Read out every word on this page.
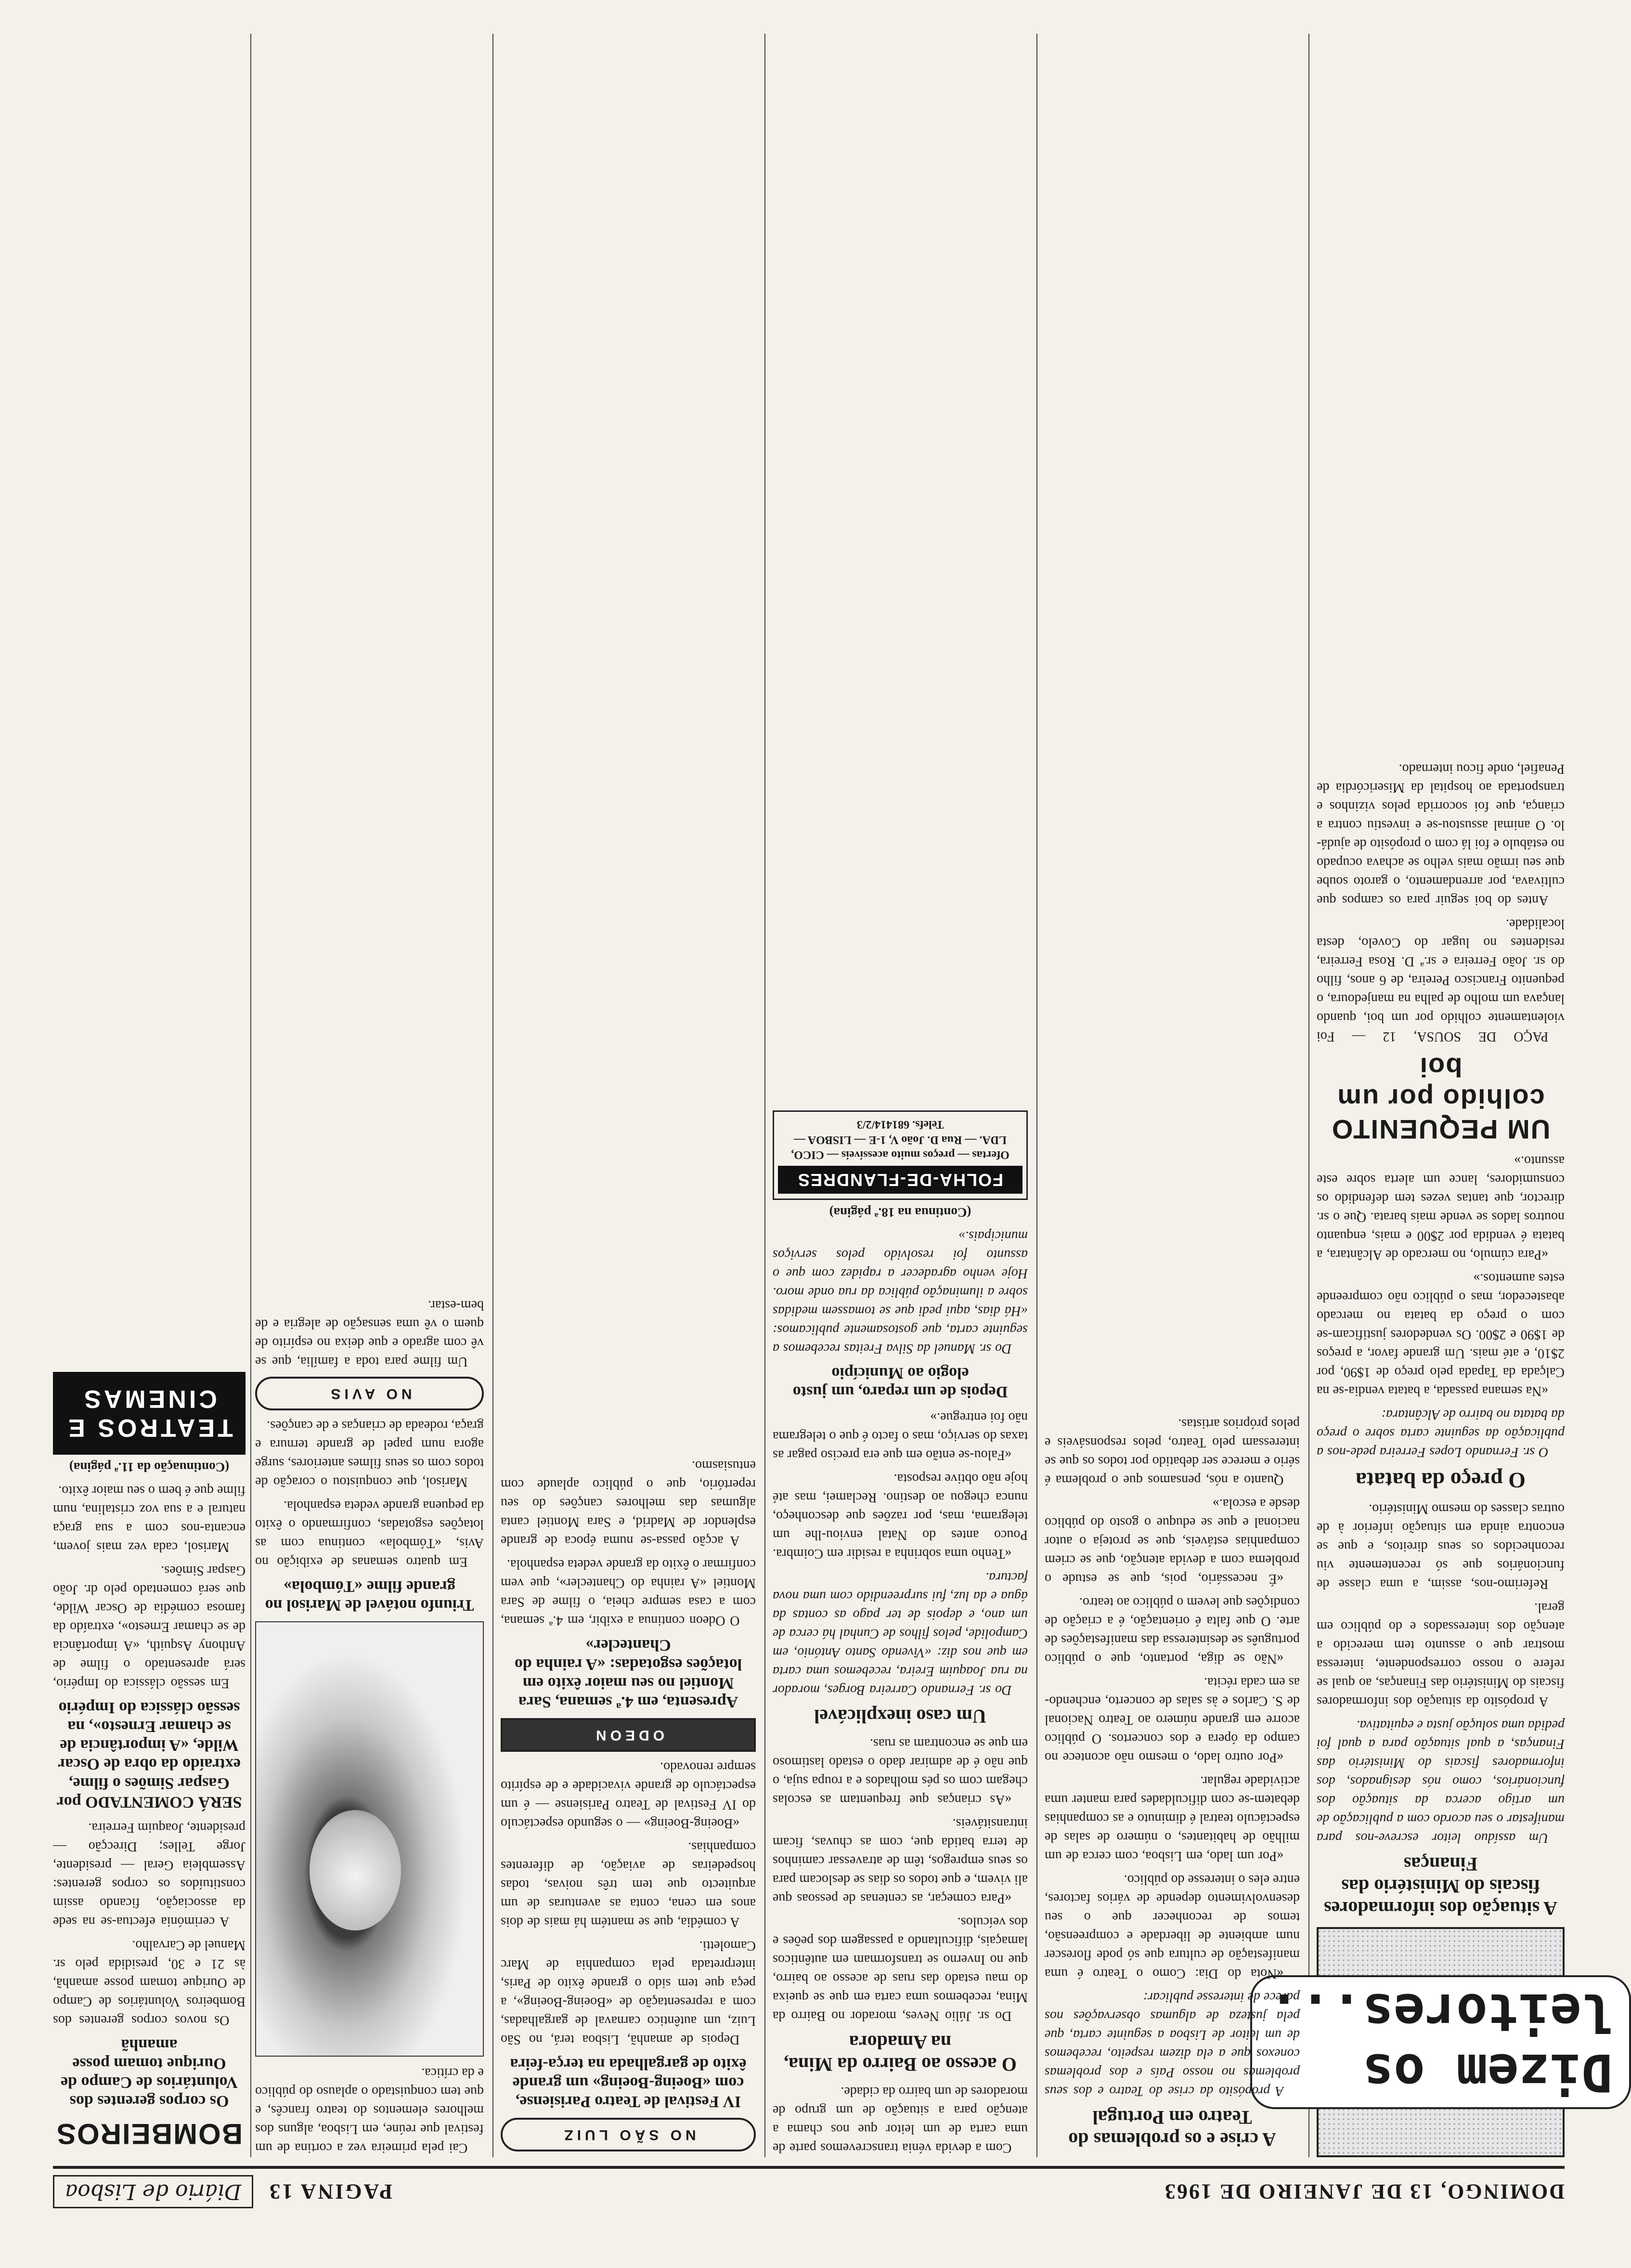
DOMINGO, 13 DE JANEIRO DE 1963
PAGINA 13
Diário de Lisboa
Dizem os leitores...
A situação dos informadores fiscais do Ministério das Finanças

Um assíduo leitor escreve-nos para manifestar o seu acordo com a publicação de um artigo acerca da situação dos funcionários, como nós designados, dos informadores fiscais do Ministério das Finanças, a qual situação para a qual foi pedida uma solução justa e equitativa.

A propósito da situação dos informadores fiscais do Ministério das Finanças, ao qual se refere o nosso correspondente, interessa mostrar que o assunto tem merecido a atenção dos interessados e do público em geral.

Referimo-nos, assim, a uma classe de funcionários que só recentemente viu reconhecidos os seus direitos, e que se encontra ainda em situação inferior à de outras classes do mesmo Ministério.

O preço da batata

O sr. Fernando Lopes Ferreira pede-nos a publicação da seguinte carta sobre o preço da batata no bairro de Alcântara:

«Na semana passada, a batata vendia-se na Calçada da Tapada pelo preço de 1$90, por 2$10, e até mais. Um grande favor, a preços de 1$90 e 2$00. Os vendedores justificam-se com o preço da batata no mercado abastecedor, mas o público não compreende estes aumentos.»

«Para cúmulo, no mercado de Alcântara, a batata é vendida por 2$00 e mais, enquanto noutros lados se vende mais barata. Que o sr. director, que tantas vezes tem defendido os consumidores, lance um alerta sobre este assunto.»

UM PEQUENITO colhido por um boi

PAÇO DE SOUSA, 12 — Foi violentamente colhido por um boi, quando lançava um molho de palha na manjedoura, o pequenito Francisco Pereira, de 6 anos, filho do sr. João Ferreira e sr.ª D. Rosa Ferreira, residentes no lugar do Covelo, desta localidade.

Antes do boi seguir para os campos que cultivava, por arrendamento, o garoto soube que seu irmão mais velho se achava ocupado no estábulo e foi lá com o propósito de ajudá-lo. O animal assustou-se e investiu contra a criança, que foi socorrida pelos vizinhos e transportada ao hospital da Misericórdia de Penafiel, onde ficou internado.

A crise e os problemas do Teatro em Portugal

A propósito da crise do Teatro e dos seus problemas no nosso País e dos problemas conexos que a ela dizem respeito, recebemos de um leitor de Lisboa a seguinte carta, que pela justeza de algumas observações nos parece de interesse publicar:

«Nota do Dia: Como o Teatro é uma manifestação de cultura que só pode florescer num ambiente de liberdade e compreensão, temos de reconhecer que o seu desenvolvimento depende de vários factores, entre eles o interesse do público.

«Por um lado, em Lisboa, com cerca de um milhão de habitantes, o número de salas de espectáculo teatral é diminuto e as companhias debatem-se com dificuldades para manter uma actividade regular.

«Por outro lado, o mesmo não acontece no campo da ópera e dos concertos. O público acorre em grande número ao Teatro Nacional de S. Carlos e às salas de concerto, enchendo-as em cada récita.

«Não se diga, portanto, que o público português se desinteressa das manifestações de arte. O que falta é orientação, é a criação de condições que levem o público ao teatro.

«É necessário, pois, que se estude o problema com a devida atenção, que se criem companhias estáveis, que se proteja o autor nacional e que se eduque o gosto do público desde a escola.»

Quanto a nós, pensamos que o problema é sério e merece ser debatido por todos os que se interessam pelo Teatro, pelos responsáveis e pelos próprios artistas.

Com a devida vénia transcrevemos parte de uma carta de um leitor que nos chama a atenção para a situação de um grupo de moradores de um bairro da cidade.

O acesso ao Bairro da Mina, na Amadora

Do sr. Júlio Neves, morador no Bairro da Mina, recebemos uma carta em que se queixa do mau estado das ruas de acesso ao bairro, que no Inverno se transformam em autênticos lamaçais, dificultando a passagem dos peões e dos veículos.

«Para começar, as centenas de pessoas que ali vivem, e que todos os dias se deslocam para os seus empregos, têm de atravessar caminhos de terra batida que, com as chuvas, ficam intransitáveis.

«As crianças que frequentam as escolas chegam com os pés molhados e a roupa suja, o que não é de admirar dado o estado lastimoso em que se encontram as ruas.

Um caso inexplicável

Do sr. Fernando Carreira Borges, morador na rua Joaquim Ereira, recebemos uma carta em que nos diz: «Vivendo Santo António, em Campolide, pelos filhos de Cunhal há cerca de um ano, e depois de ter pago as contas da água e da luz, fui surpreendido com uma nova factura.

«Tenho uma sobrinha a residir em Coimbra. Pouco antes do Natal enviou-lhe um telegrama, mas, por razões que desconheço, nunca chegou ao destino. Reclamei, mas até hoje não obtive resposta.

«Falou-se então em que era preciso pagar as taxas do serviço, mas o facto é que o telegrama não foi entregue.»

Depois de um reparo, um justo elogio ao Município

Do sr. Manuel da Silva Freitas recebemos a seguinte carta, que gostosamente publicamos: «Há dias, aqui pedi que se tomassem medidas sobre a iluminação pública da rua onde moro. Hoje venho agradecer a rapidez com que o assunto foi resolvido pelos serviços municipais.»

(Continua na 18.ª página)
FOLHA-DE-FLANDRES
Ofertas — preços muito acessíveis — CICO, LDA. — Rua D. João V, 1-E — LISBOA — Telefs. 681414/2/3
NO SÃO LUIZ
IV Festival de Teatro Parisiense, com «Boeing-Boeing» um grande êxito de gargalhada na terça-feira

Depois de amanhã, Lisboa terá, no São Luiz, um autêntico carnaval de gargalhadas, com a representação de «Boeing-Boeing», a peça que tem sido o grande êxito de Paris, interpretada pela companhia de Marc Camoletti.

A comédia, que se mantém há mais de dois anos em cena, conta as aventuras de um arquitecto que tem três noivas, todas hospedeiras de aviação, de diferentes companhias.

«Boeing-Boeing» — o segundo espectáculo do IV Festival de Teatro Parisiense — é um espectáculo de grande vivacidade e de espírito sempre renovado.

ODEON
Apresenta, em 4.ª semana, Sara Montiel no seu maior êxito em lotações esgotadas: «A rainha do Chantecler»

O Odeon continua a exibir, em 4.ª semana, com a casa sempre cheia, o filme de Sara Montiel «A rainha do Chantecler», que vem confirmar o êxito da grande vedeta espanhola.

A acção passa-se numa época de grande esplendor de Madrid, e Sara Montiel canta algumas das melhores canções do seu repertório, que o público aplaude com entusiasmo.

Cai pela primeira vez a cortina de um festival que reúne, em Lisboa, alguns dos melhores elementos do teatro francês, e que tem conquistado o aplauso do público e da crítica.

Triunfo notável de Marisol no grande filme «Tómbola»

Em quatro semanas de exibição no Avis, «Tómbola» continua com as lotações esgotadas, confirmando o êxito da pequena grande vedeta espanhola.

Marisol, que conquistou o coração de todos com os seus filmes anteriores, surge agora num papel de grande ternura e graça, rodeada de crianças e de canções.

NO AVIS

Um filme para toda a família, que se vê com agrado e que deixa no espírito de quem o vê uma sensação de alegria e de bem-estar.

BOMBEIROS
Os corpos gerentes dos Voluntários de Campo de Ourique tomam posse amanhã

Os novos corpos gerentes dos Bombeiros Voluntários de Campo de Ourique tomam posse amanhã, às 21 e 30, presidida pelo sr. Manuel de Carvalho.

A cerimónia efectua-se na sede da associação, ficando assim constituídos os corpos gerentes: Assembleia Geral — presidente, Jorge Telles; Direcção — presidente, Joaquim Ferreira.

SERÁ COMENTADO por Gaspar Simões o filme, extraído da obra de Oscar Wilde, «A importância de se chamar Ernesto», na sessão clássica do Império

Em sessão clássica do Império, será apresentado o filme de Anthony Asquith, «A importância de se chamar Ernesto», extraído da famosa comédia de Oscar Wilde, que será comentado pelo dr. João Gaspar Simões.

Marisol, cada vez mais jovem, encanta-nos com a sua graça natural e a sua voz cristalina, num filme que é bem o seu maior êxito.

(Continuação da 11.ª página)
TEATROS E CINEMAS
